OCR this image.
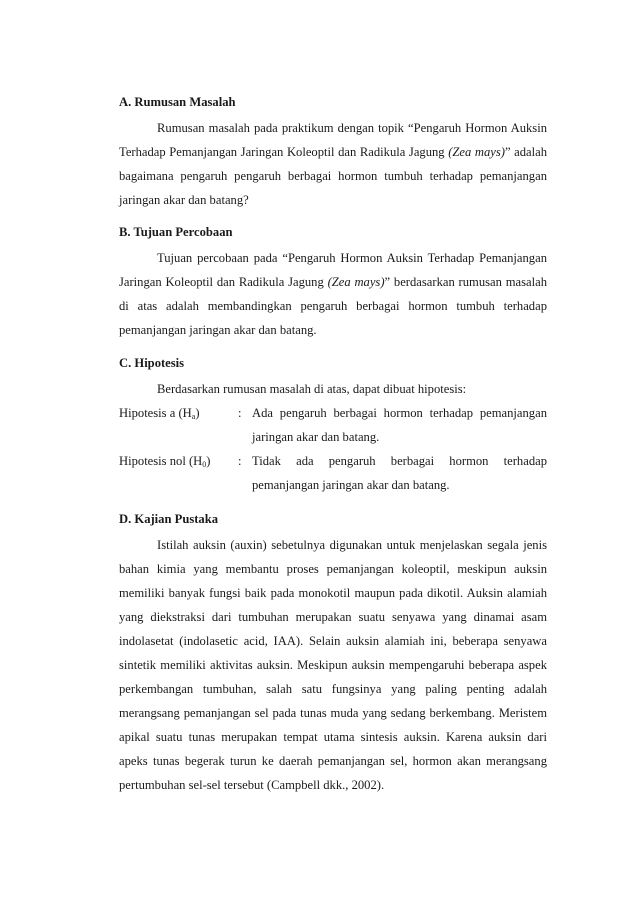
A. Rumusan Masalah

Rumusan masalah pada praktikum dengan topik “Pengaruh Hormon Auksin Terhadap Pemanjangan Jaringan Koleoptil dan Radikula Jagung (Zea mays)” adalah bagaimana pengaruh pengaruh berbagai hormon tumbuh terhadap pemanjangan jaringan akar dan batang?

B. Tujuan Percobaan

Tujuan percobaan pada “Pengaruh Hormon Auksin Terhadap Pemanjangan Jaringan Koleoptil dan Radikula Jagung (Zea mays)” berdasarkan rumusan masalah di atas adalah membandingkan pengaruh berbagai hormon tumbuh terhadap pemanjangan jaringan akar dan batang.

C. Hipotesis

Berdasarkan rumusan masalah di atas, dapat dibuat hipotesis:

Hipotesis a $(H_a)$	: Ada pengaruh berbagai hormon terhadap pemanjangan jaringan akar dan batang.
Hipotesis nol $(H_0)$	: Tidak ada pengaruh berbagai hormon terhadap pemanjangan jaringan akar dan batang.
D. Kajian Pustaka

Istilah auksin (auxin) sebetulnya digunakan untuk menjelaskan segala jenis bahan kimia yang membantu proses pemanjangan koleoptil, meskipun auksin memiliki banyak fungsi baik pada monokotil maupun pada dikotil. Auksin alamiah yang diekstraksi dari tumbuhan merupakan suatu senyawa yang dinamai asam indolasetat (indolasetic acid, IAA). Selain auksin alamiah ini, beberapa senyawa sintetik memiliki aktivitas auksin. Meskipun auksin mempengaruhi beberapa aspek perkembangan tumbuhan, salah satu fungsinya yang paling penting adalah merangsang pemanjangan sel pada tunas muda yang sedang berkembang. Meristem apikal suatu tunas merupakan tempat utama sintesis auksin. Karena auksin dari apeks tunas begerak turun ke daerah pemanjangan sel, hormon akan merangsang pertumbuhan sel-sel tersebut (Campbell dkk., 2002).
